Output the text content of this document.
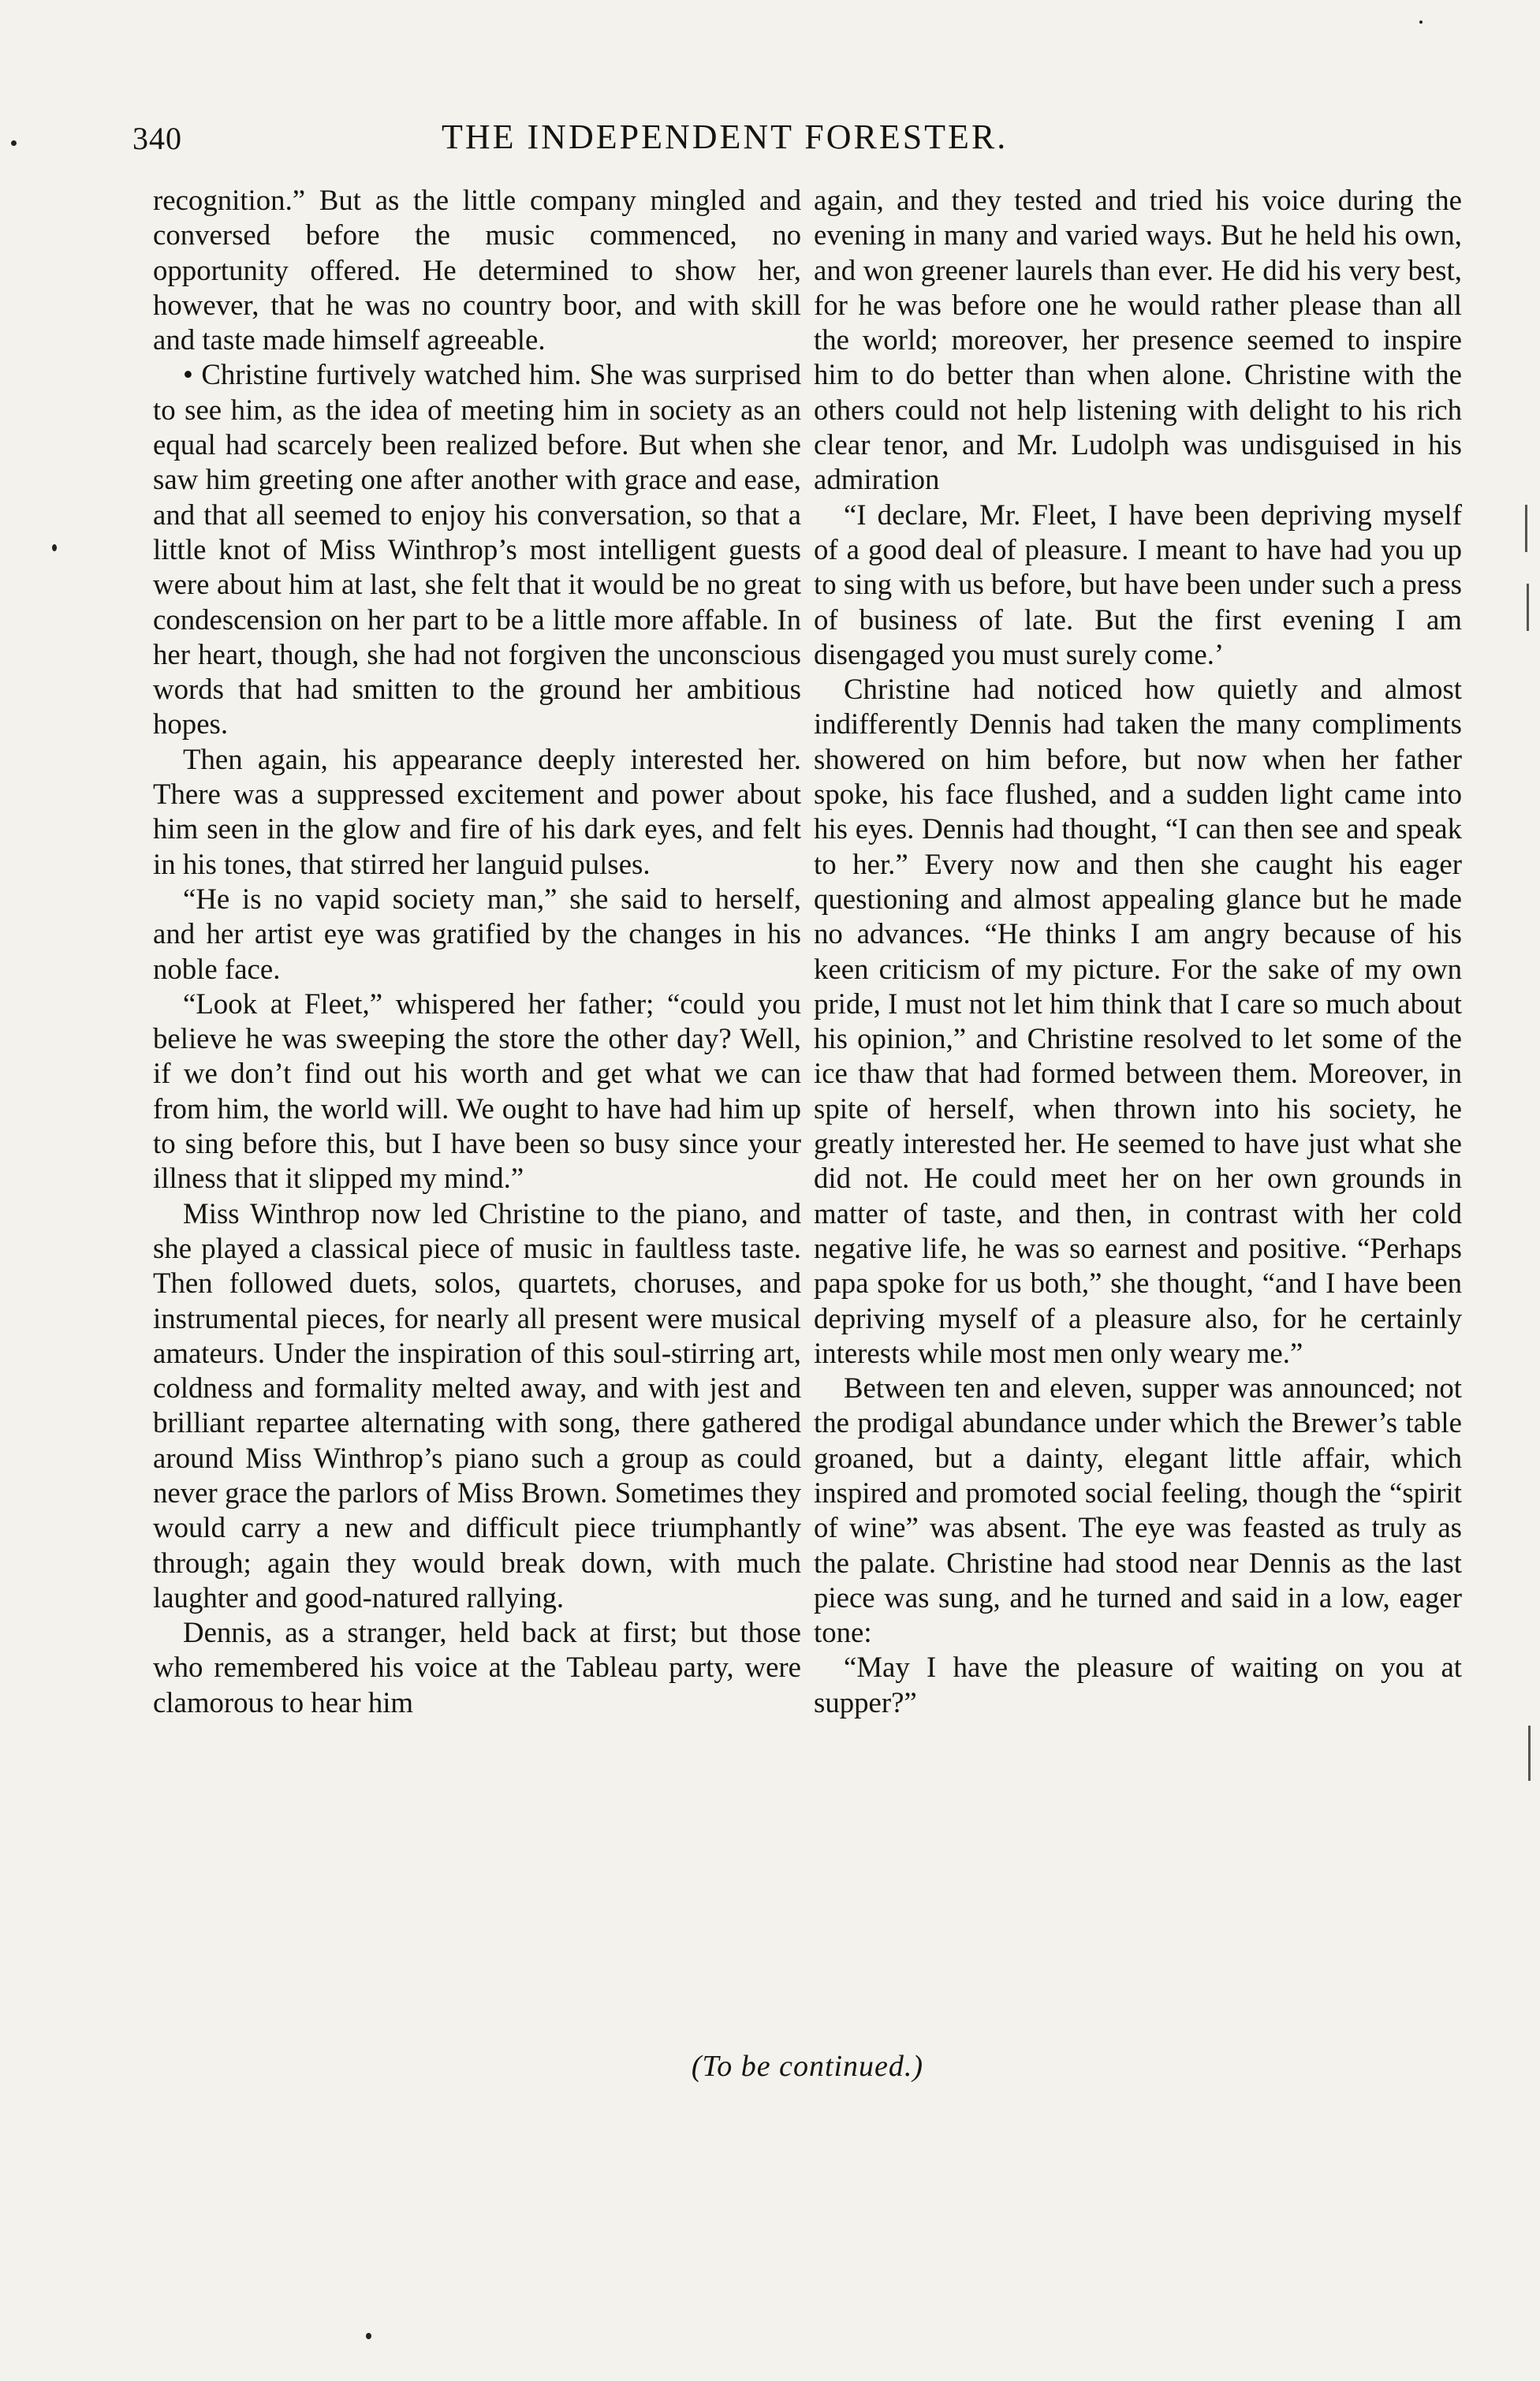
340	THE INDEPENDENT FORESTER.

recognition.” But as the little company mingled and conversed before the music commenced, no opportunity offered. He determined to show her, however, that he was no country boor, and with skill and taste made himself agreeable.

• Christine furtively watched him. She was surprised to see him, as the idea of meeting him in society as an equal had scarcely been realized before. But when she saw him greeting one after another with grace and ease, and that all seemed to enjoy his conversation, so that a little knot of Miss Winthrop’s most intelligent guests were about him at last, she felt that it would be no great condescension on her part to be a little more affable. In her heart, though, she had not forgiven the unconscious words that had smitten to the ground her ambitious hopes.

Then again, his appearance deeply interested her. There was a suppressed excitement and power about him seen in the glow and fire of his dark eyes, and felt in his tones, that stirred her languid pulses.

“He is no vapid society man,” she said to herself, and her artist eye was gratified by the changes in his noble face.

“Look at Fleet,” whispered her father; “could you believe he was sweeping the store the other day? Well, if we don’t find out his worth and get what we can from him, the world will. We ought to have had him up to sing before this, but I have been so busy since your illness that it slipped my mind.”

Miss Winthrop now led Christine to the piano, and she played a classical piece of music in faultless taste. Then followed duets, solos, quartets, choruses, and instrumental pieces, for nearly all present were musical amateurs. Under the inspiration of this soul-stirring art, coldness and formality melted away, and with jest and brilliant repartee alternating with song, there gathered around Miss Winthrop’s piano such a group as could never grace the parlors of Miss Brown. Sometimes they would carry a new and difficult piece triumphantly through; again they would break down, with much laughter and good-natured rallying.

Dennis, as a stranger, held back at first; but those who remembered his voice at the Tableau party, were clamorous to hear him

again, and they tested and tried his voice during the evening in many and varied ways. But he held his own, and won greener laurels than ever. He did his very best, for he was before one he would rather please than all the world; moreover, her presence seemed to inspire him to do better than when alone. Christine with the others could not help listening with delight to his rich clear tenor, and Mr. Ludolph was undisguised in his admiration

“I declare, Mr. Fleet, I have been depriving myself of a good deal of pleasure. I meant to have had you up to sing with us before, but have been under such a press of business of late. But the first evening I am disengaged you must surely come.’

Christine had noticed how quietly and almost indifferently Dennis had taken the many compliments showered on him before, but now when her father spoke, his face flushed, and a sudden light came into his eyes. Dennis had thought, “I can then see and speak to her.” Every now and then she caught his eager questioning and almost appealing glance but he made no advances. “He thinks I am angry because of his keen criticism of my picture. For the sake of my own pride, I must not let him think that I care so much about his opinion,” and Christine resolved to let some of the ice thaw that had formed between them. Moreover, in spite of herself, when thrown into his society, he greatly interested her. He seemed to have just what she did not. He could meet her on her own grounds in matter of taste, and then, in contrast with her cold negative life, he was so earnest and positive. “Perhaps papa spoke for us both,” she thought, “and I have been depriving myself of a pleasure also, for he certainly interests while most men only weary me.”

Between ten and eleven, supper was announced; not the prodigal abundance under which the Brewer’s table groaned, but a dainty, elegant little affair, which inspired and promoted social feeling, though the “spirit of wine” was absent. The eye was feasted as truly as the palate. Christine had stood near Dennis as the last piece was sung, and he turned and said in a low, eager tone:

“May I have the pleasure of waiting on you at supper?”

(To be continued.)
